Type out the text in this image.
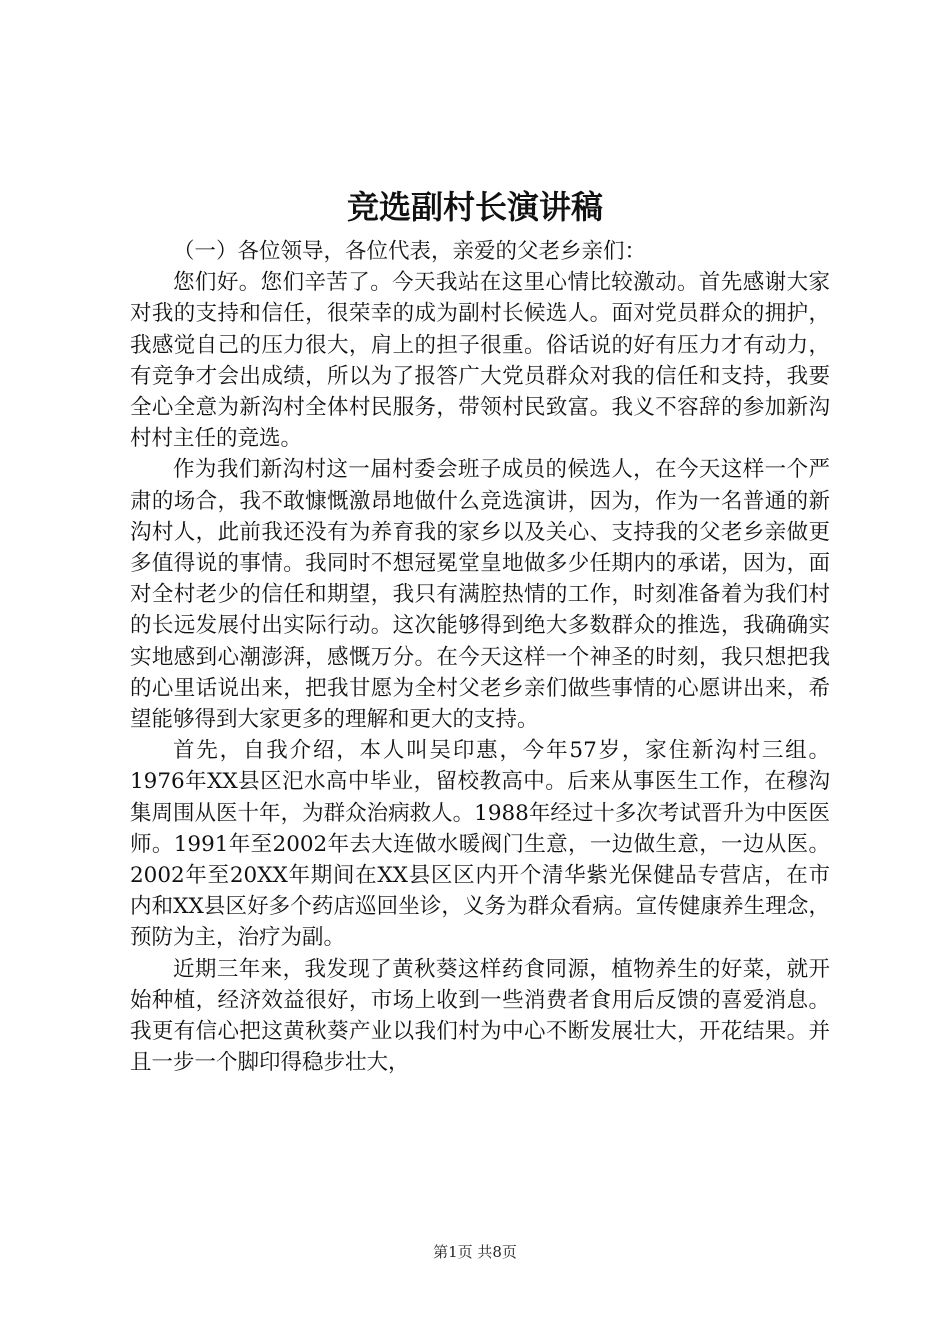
竞选副村长演讲稿

（一）各位领导，各位代表，亲爱的父老乡亲们：

您们好。您们辛苦了。今天我站在这里心情比较激动。首先感谢大家对我的支持和信任，很荣幸的成为副村长候选人。面对党员群众的拥护，我感觉自己的压力很大，肩上的担子很重。俗话说的好有压力才有动力，有竞争才会出成绩，所以为了报答广大党员群众对我的信任和支持，我要全心全意为新沟村全体村民服务，带领村民致富。我义不容辞的参加新沟村村主任的竞选。

作为我们新沟村这一届村委会班子成员的候选人，在今天这样一个严肃的场合，我不敢慷慨激昂地做什么竞选演讲，因为，作为一名普通的新沟村人，此前我还没有为养育我的家乡以及关心、支持我的父老乡亲做更多值得说的事情。我同时不想冠冕堂皇地做多少任期内的承诺，因为，面对全村老少的信任和期望，我只有满腔热情的工作，时刻准备着为我们村的长远发展付出实际行动。这次能够得到绝大多数群众的推选，我确确实实地感到心潮澎湃，感慨万分。在今天这样一个神圣的时刻，我只想把我的心里话说出来，把我甘愿为全村父老乡亲们做些事情的心愿讲出来，希望能够得到大家更多的理解和更大的支持。

首先，自我介绍，本人叫吴印惠，今年57岁，家住新沟村三组。1976年XX县区汜水高中毕业，留校教高中。后来从事医生工作，在穆沟集周围从医十年，为群众治病救人。1988年经过十多次考试晋升为中医医师。1991年至2002年去大连做水暖阀门生意，一边做生意，一边从医。2002年至20XX年期间在XX县区区内开个清华紫光保健品专营店，在市内和XX县区好多个药店巡回坐诊，义务为群众看病。宣传健康养生理念，预防为主，治疗为副。

近期三年来，我发现了黄秋葵这样药食同源，植物养生的好菜，就开始种植，经济效益很好，市场上收到一些消费者食用后反馈的喜爱消息。我更有信心把这黄秋葵产业以我们村为中心不断发展壮大，开花结果。并且一步一个脚印得稳步壮大，

第1页 共8页
